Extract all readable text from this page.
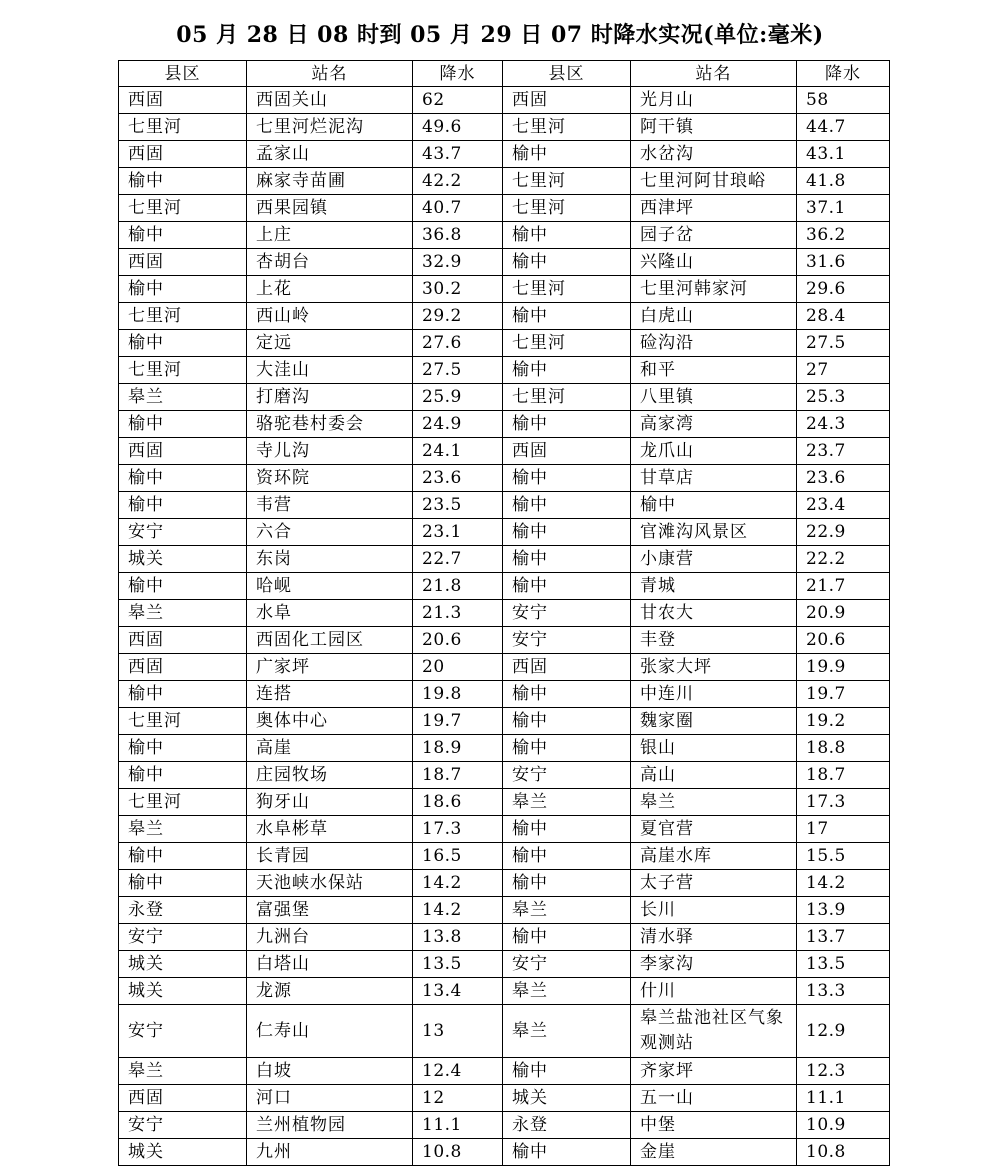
05 月 28 日 08 时到 05 月 29 日 07 时降水实况(单位:毫米)
县区	站名	降水	县区	站名	降水
西固	西固关山	62	西固	光月山	58
七里河	七里河烂泥沟	49.6	七里河	阿干镇	44.7
西固	孟家山	43.7	榆中	水岔沟	43.1
榆中	麻家寺苗圃	42.2	七里河	七里河阿甘琅峪	41.8
七里河	西果园镇	40.7	七里河	西津坪	37.1
榆中	上庄	36.8	榆中	园子岔	36.2
西固	杏胡台	32.9	榆中	兴隆山	31.6
榆中	上花	30.2	七里河	七里河韩家河	29.6
七里河	西山岭	29.2	榆中	白虎山	28.4
榆中	定远	27.6	七里河	硷沟沿	27.5
七里河	大洼山	27.5	榆中	和平	27
皋兰	打磨沟	25.9	七里河	八里镇	25.3
榆中	骆驼巷村委会	24.9	榆中	高家湾	24.3
西固	寺儿沟	24.1	西固	龙爪山	23.7
榆中	资环院	23.6	榆中	甘草店	23.6
榆中	韦营	23.5	榆中	榆中	23.4
安宁	六合	23.1	榆中	官滩沟风景区	22.9
城关	东岗	22.7	榆中	小康营	22.2
榆中	哈岘	21.8	榆中	青城	21.7
皋兰	水阜	21.3	安宁	甘农大	20.9
西固	西固化工园区	20.6	安宁	丰登	20.6
西固	广家坪	20	西固	张家大坪	19.9
榆中	连搭	19.8	榆中	中连川	19.7
七里河	奥体中心	19.7	榆中	魏家圈	19.2
榆中	高崖	18.9	榆中	银山	18.8
榆中	庄园牧场	18.7	安宁	高山	18.7
七里河	狗牙山	18.6	皋兰	皋兰	17.3
皋兰	水阜彬草	17.3	榆中	夏官营	17
榆中	长青园	16.5	榆中	高崖水库	15.5
榆中	天池峡水保站	14.2	榆中	太子营	14.2
永登	富强堡	14.2	皋兰	长川	13.9
安宁	九洲台	13.8	榆中	清水驿	13.7
城关	白塔山	13.5	安宁	李家沟	13.5
城关	龙源	13.4	皋兰	什川	13.3
安宁	仁寿山	13	皋兰	皋兰盐池社区气象观测站	12.9
皋兰	白坡	12.4	榆中	齐家坪	12.3
西固	河口	12	城关	五一山	11.1
安宁	兰州植物园	11.1	永登	中堡	10.9
城关	九州	10.8	榆中	金崖	10.8
